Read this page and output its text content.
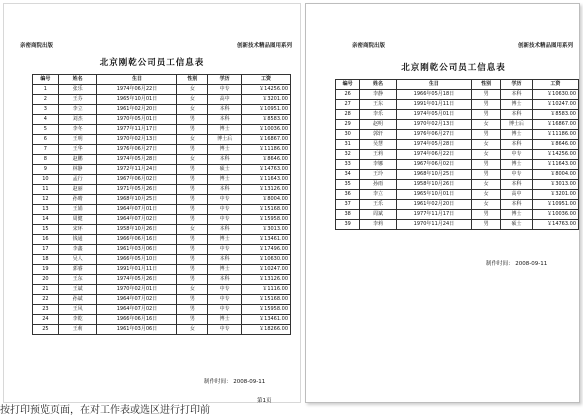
亲密商院出版	创新技术精品图用系列
北京刚乾公司员工信息表
编号	姓名	生日	性别	学历	工资
1	张乐	1974年06月22日	女	中专	￥14256.00
2	王芬	1965年10月01日	女	高中	￥3201.00
3	李立	1961年02月20日	女	本科	￥10951.00
4	刘杰	1970年05月01日	男	本科	￥8583.00
5	李冬	1977年11月17日	男	博士	￥10036.00
6	王明	1970年02月13日	女	博士后	￥16867.00
7	王华	1976年06月27日	男	博士	￥11186.00
8	赵鹏	1974年05月28日	女	本科	￥8646.00
9	林静	1972年11月24日	男	硕士	￥14763.00
10	孟行	1967年06月02日	男	博士	￥11643.00
11	赵丽	1971年05月26日	男	本科	￥13126.00
12	孙晴	1968年10月25日	男	中专	￥8004.00
13	王娟	1964年07月01日	男	中专	￥15168.00
14	周健	1964年07月02日	男	中专	￥15958.00
15	宋环	1958年10月26日	女	本科	￥3013.00
16	钱通	1966年06月16日	男	博士	￥13461.00
17	李鑫	1961年03月06日	男	中专	￥17496.00
18	吴人	1966年05月10日	男	本科	￥10630.00
19	郭睿	1991年01月11日	男	博士	￥10247.00
20	王东	1974年05月26日	男	本科	￥13126.00
21	王斌	1970年02月01日	女	中专	￥1116.00
22	孙斌	1964年07月02日	男	中专	￥15168.00
23	王风	1964年07月02日	男	中专	￥15958.00
24	李乾	1966年06月16日	男	博士	￥13461.00
25	王莉	1961年03月06日	女	中专	￥18266.00
制作时间： 2008-09-11
第1页
亲密商院出版	创新技术精品图用系列
北京刚乾公司员工信息表
编号	姓名	生日	性别	学历	工资
26	李静	1966年05月18日	男	本科	￥10630.00
27	王东	1991年01月11日	男	博士	￥10247.00
28	李乐	1974年05月01日	男	本科	￥8583.00
29	赵明	1970年02月13日	女	博士后	￥16867.00
30	郭轩	1976年06月27日	男	博士	￥11186.00
31	吴慧	1974年05月28日	女	本科	￥8646.00
32	王莉	1974年06月22日	女	中专	￥14256.00
33	李娜	1967年06月02日	男	博士	￥11643.00
34	王玲	1968年10月25日	男	中专	￥8004.00
35	孙雨	1958年10月26日	女	本科	￥3013.00
36	李立	1965年10月01日	女	高中	￥3201.00
37	王乐	1961年02月20日	女	本科	￥10951.00
38	周斌	1977年11月17日	男	博士	￥10036.00
39	李莉	1970年11月24日	男	硕士	￥14763.00
制作时间： 2008-09-11
按打印预览页面，在对工作表或选区进行打印前
